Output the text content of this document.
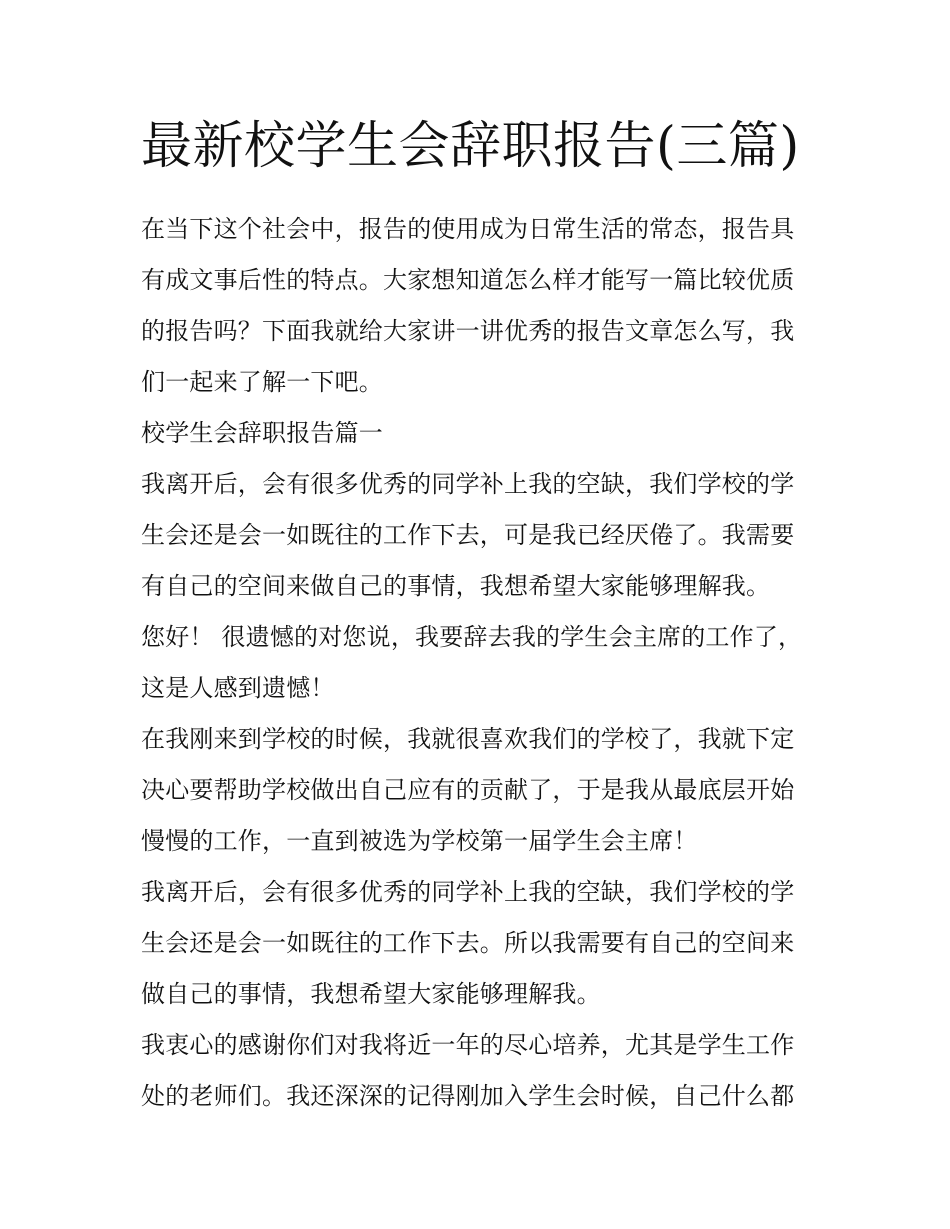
最新校学生会辞职报告(三篇)

在当下这个社会中，报告的使用成为日常生活的常态，报告具有成文事后性的特点。大家想知道怎么样才能写一篇比较优质的报告吗？下面我就给大家讲一讲优秀的报告文章怎么写，我们一起来了解一下吧。

校学生会辞职报告篇一

我离开后，会有很多优秀的同学补上我的空缺，我们学校的学生会还是会一如既往的工作下去，可是我已经厌倦了。我需要有自己的空间来做自己的事情，我想希望大家能够理解我。

您好！ 很遗憾的对您说，我要辞去我的学生会主席的工作了，这是人感到遗憾！

在我刚来到学校的时候，我就很喜欢我们的学校了，我就下定决心要帮助学校做出自己应有的贡献了，于是我从最底层开始慢慢的工作，一直到被选为学校第一届学生会主席！

我离开后，会有很多优秀的同学补上我的空缺，我们学校的学生会还是会一如既往的工作下去。所以我需要有自己的空间来做自己的事情，我想希望大家能够理解我。

我衷心的感谢你们对我将近一年的尽心培养，尤其是学生工作处的老师们。我还深深的记得刚加入学生会时候，自己什么都
